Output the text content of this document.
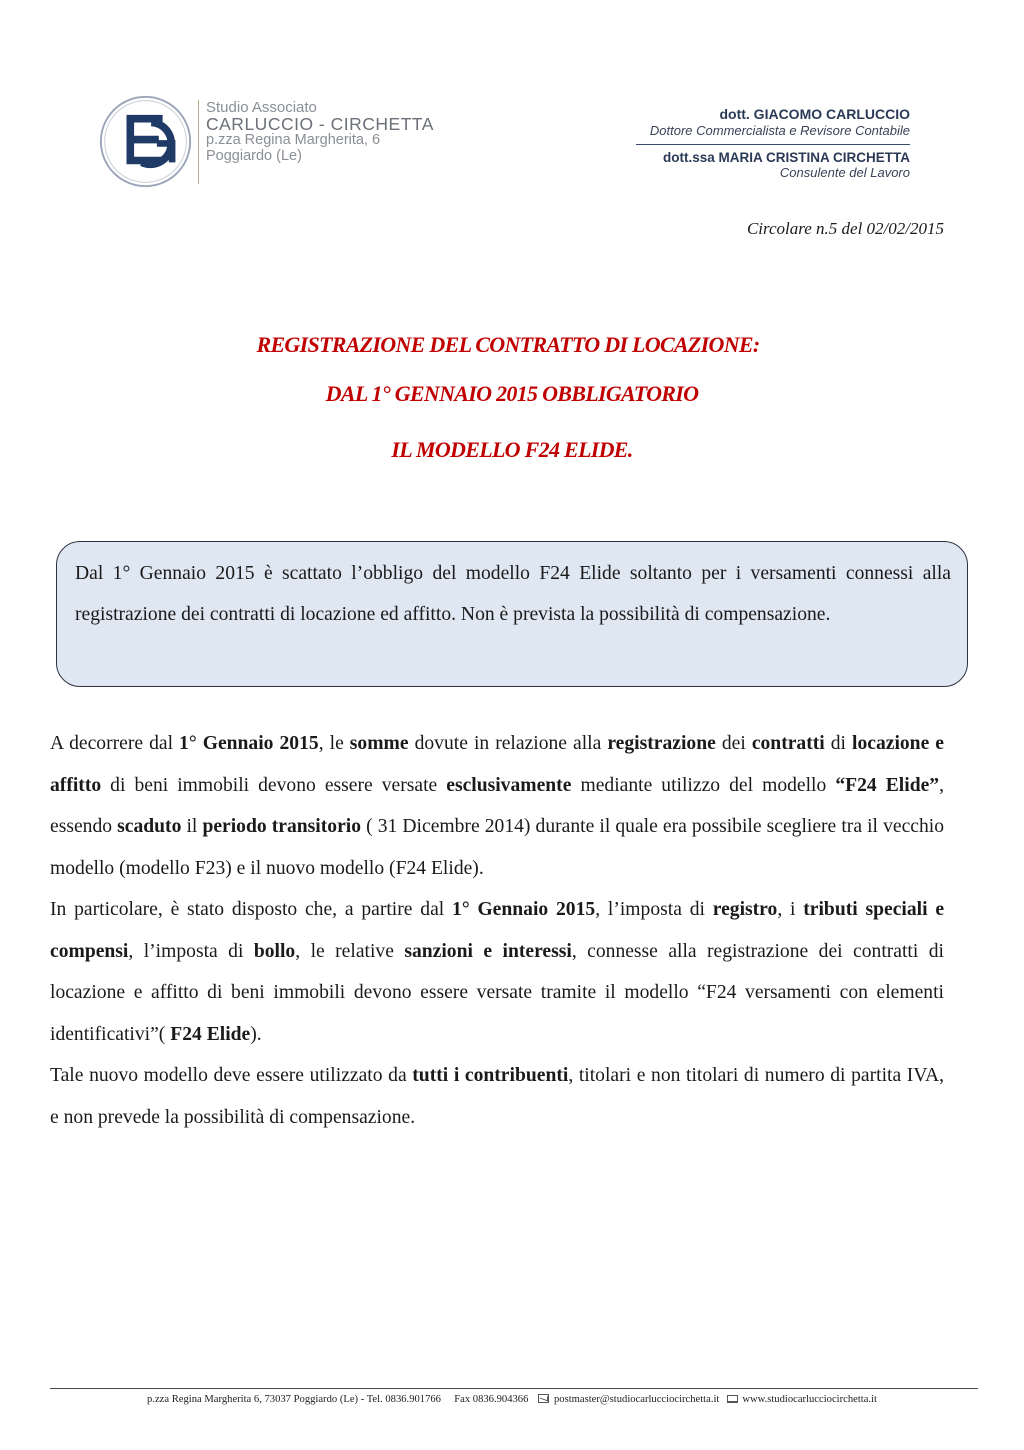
Studio Associato
CARLUCCIO - CIRCHETTA
p.zza Regina Margherita, 6
Poggiardo (Le)
dott. GIACOMO CARLUCCIO
Dottore Commercialista e Revisore Contabile
dott.ssa MARIA CRISTINA CIRCHETTA
Consulente del Lavoro
Circolare n.5 del 02/02/2015
REGISTRAZIONE DEL CONTRATTO DI LOCAZIONE:
DAL 1° GENNAIO 2015 OBBLIGATORIO
IL MODELLO F24 ELIDE.

Dal 1° Gennaio 2015 è scattato l’obbligo del modello F24 Elide soltanto per i versamenti connessi alla registrazione dei contratti di locazione ed affitto. Non è prevista la possibilità di compensazione.

A decorrere dal 1° Gennaio 2015, le somme dovute in relazione alla registrazione dei contratti di locazione e affitto di beni immobili devono essere versate esclusivamente mediante utilizzo del modello “F24 Elide”, essendo scaduto il periodo transitorio ( 31 Dicembre 2014) durante il quale era possibile scegliere tra il vecchio modello (modello F23) e il nuovo modello (F24 Elide).

In particolare, è stato disposto che, a partire dal 1° Gennaio 2015, l’imposta di registro, i tributi speciali e compensi, l’imposta di bollo, le relative sanzioni e interessi, connesse alla registrazione dei contratti di locazione e affitto di beni immobili devono essere versate tramite il modello “F24 versamenti con elementi identificativi”( F24 Elide).

Tale nuovo modello deve essere utilizzato da tutti i contribuenti, titolari e non titolari di numero di partita IVA, e non prevede la possibilità di compensazione.

p.zza Regina Margherita 6, 73037 Poggiardo (Le) - Tel. 0836.901766 Fax 0836.904366 postmaster@studiocarlucciocirchetta.it www.studiocarlucciocirchetta.it
